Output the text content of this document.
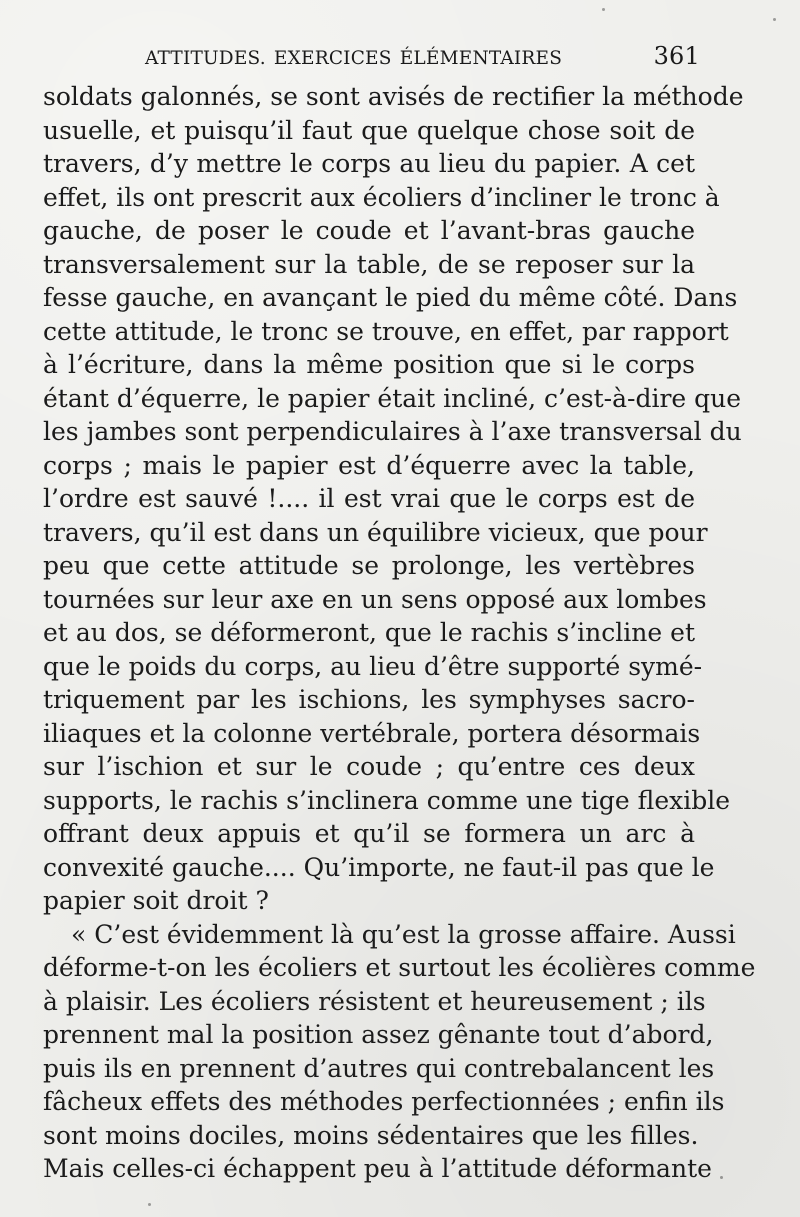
ATTITUDES. EXERCICES ÉLÉMENTAIRES	361
soldats galonnés, se sont avisés de rectifier la méthode
usuelle, et puisqu’il faut que quelque chose soit de
travers, d’y mettre le corps au lieu du papier. A cet
effet, ils ont prescrit aux écoliers d’incliner le tronc à
gauche, de poser le coude et l’avant-bras gauche
transversalement sur la table, de se reposer sur la
fesse gauche, en avançant le pied du même côté. Dans
cette attitude, le tronc se trouve, en effet, par rapport
à l’écriture, dans la même position que si le corps
étant d’équerre, le papier était incliné, c’est-à-dire que
les jambes sont perpendiculaires à l’axe transversal du
corps ; mais le papier est d’équerre avec la table,
l’ordre est sauvé !.... il est vrai que le corps est de
travers, qu’il est dans un équilibre vicieux, que pour
peu que cette attitude se prolonge, les vertèbres
tournées sur leur axe en un sens opposé aux lombes
et au dos, se déformeront, que le rachis s’incline et
que le poids du corps, au lieu d’être supporté symé-
triquement par les ischions, les symphyses sacro-
iliaques et la colonne vertébrale, portera désormais
sur l’ischion et sur le coude ; qu’entre ces deux
supports, le rachis s’inclinera comme une tige flexible
offrant deux appuis et qu’il se formera un arc à
convexité gauche.... Qu’importe, ne faut-il pas que le
papier soit droit ?
« C’est évidemment là qu’est la grosse affaire. Aussi
déforme-t-on les écoliers et surtout les écolières comme
à plaisir. Les écoliers résistent et heureusement ; ils
prennent mal la position assez gênante tout d’abord,
puis ils en prennent d’autres qui contrebalancent les
fâcheux effets des méthodes perfectionnées ; enfin ils
sont moins dociles, moins sédentaires que les filles.
Mais celles-ci échappent peu à l’attitude déformante
